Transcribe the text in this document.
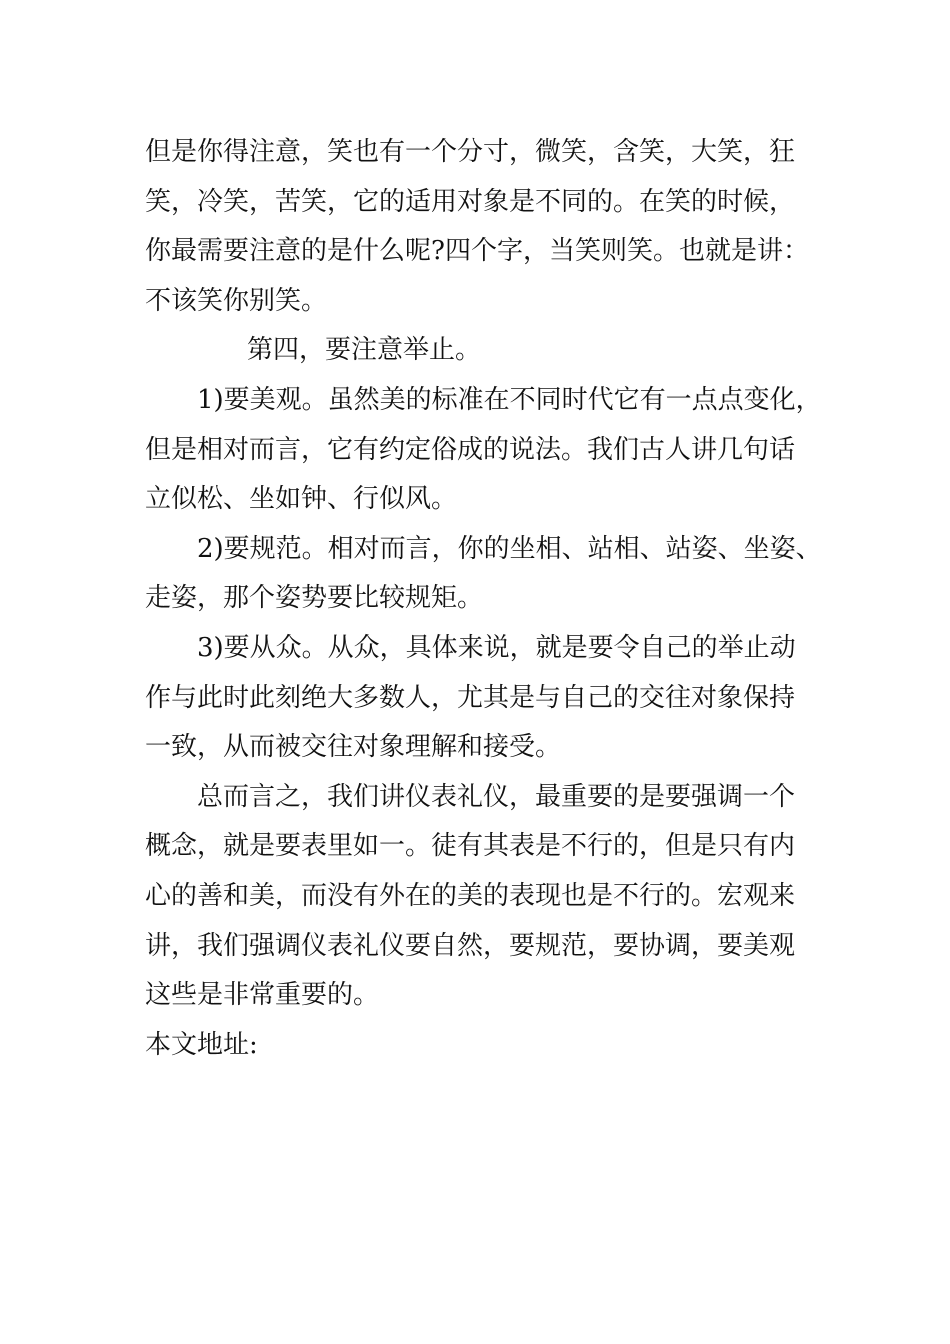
但是你得注意，笑也有一个分寸，微笑，含笑，大笑，狂
笑，冷笑，苦笑，它的适用对象是不同的。在笑的时候，
你最需要注意的是什么呢?四个字，当笑则笑。也就是讲：
不该笑你别笑。
第四，要注意举止。
1)要美观。虽然美的标准在不同时代它有一点点变化，
但是相对而言，它有约定俗成的说法。我们古人讲几句话
立似松、坐如钟、行似风。
2)要规范。相对而言，你的坐相、站相、站姿、坐姿、
走姿，那个姿势要比较规矩。
3)要从众。从众，具体来说，就是要令自己的举止动
作与此时此刻绝大多数人，尤其是与自己的交往对象保持
一致，从而被交往对象理解和接受。
总而言之，我们讲仪表礼仪，最重要的是要强调一个
概念，就是要表里如一。徒有其表是不行的，但是只有内
心的善和美，而没有外在的美的表现也是不行的。宏观来
讲，我们强调仪表礼仪要自然，要规范，要协调，要美观
这些是非常重要的。
本文地址:
